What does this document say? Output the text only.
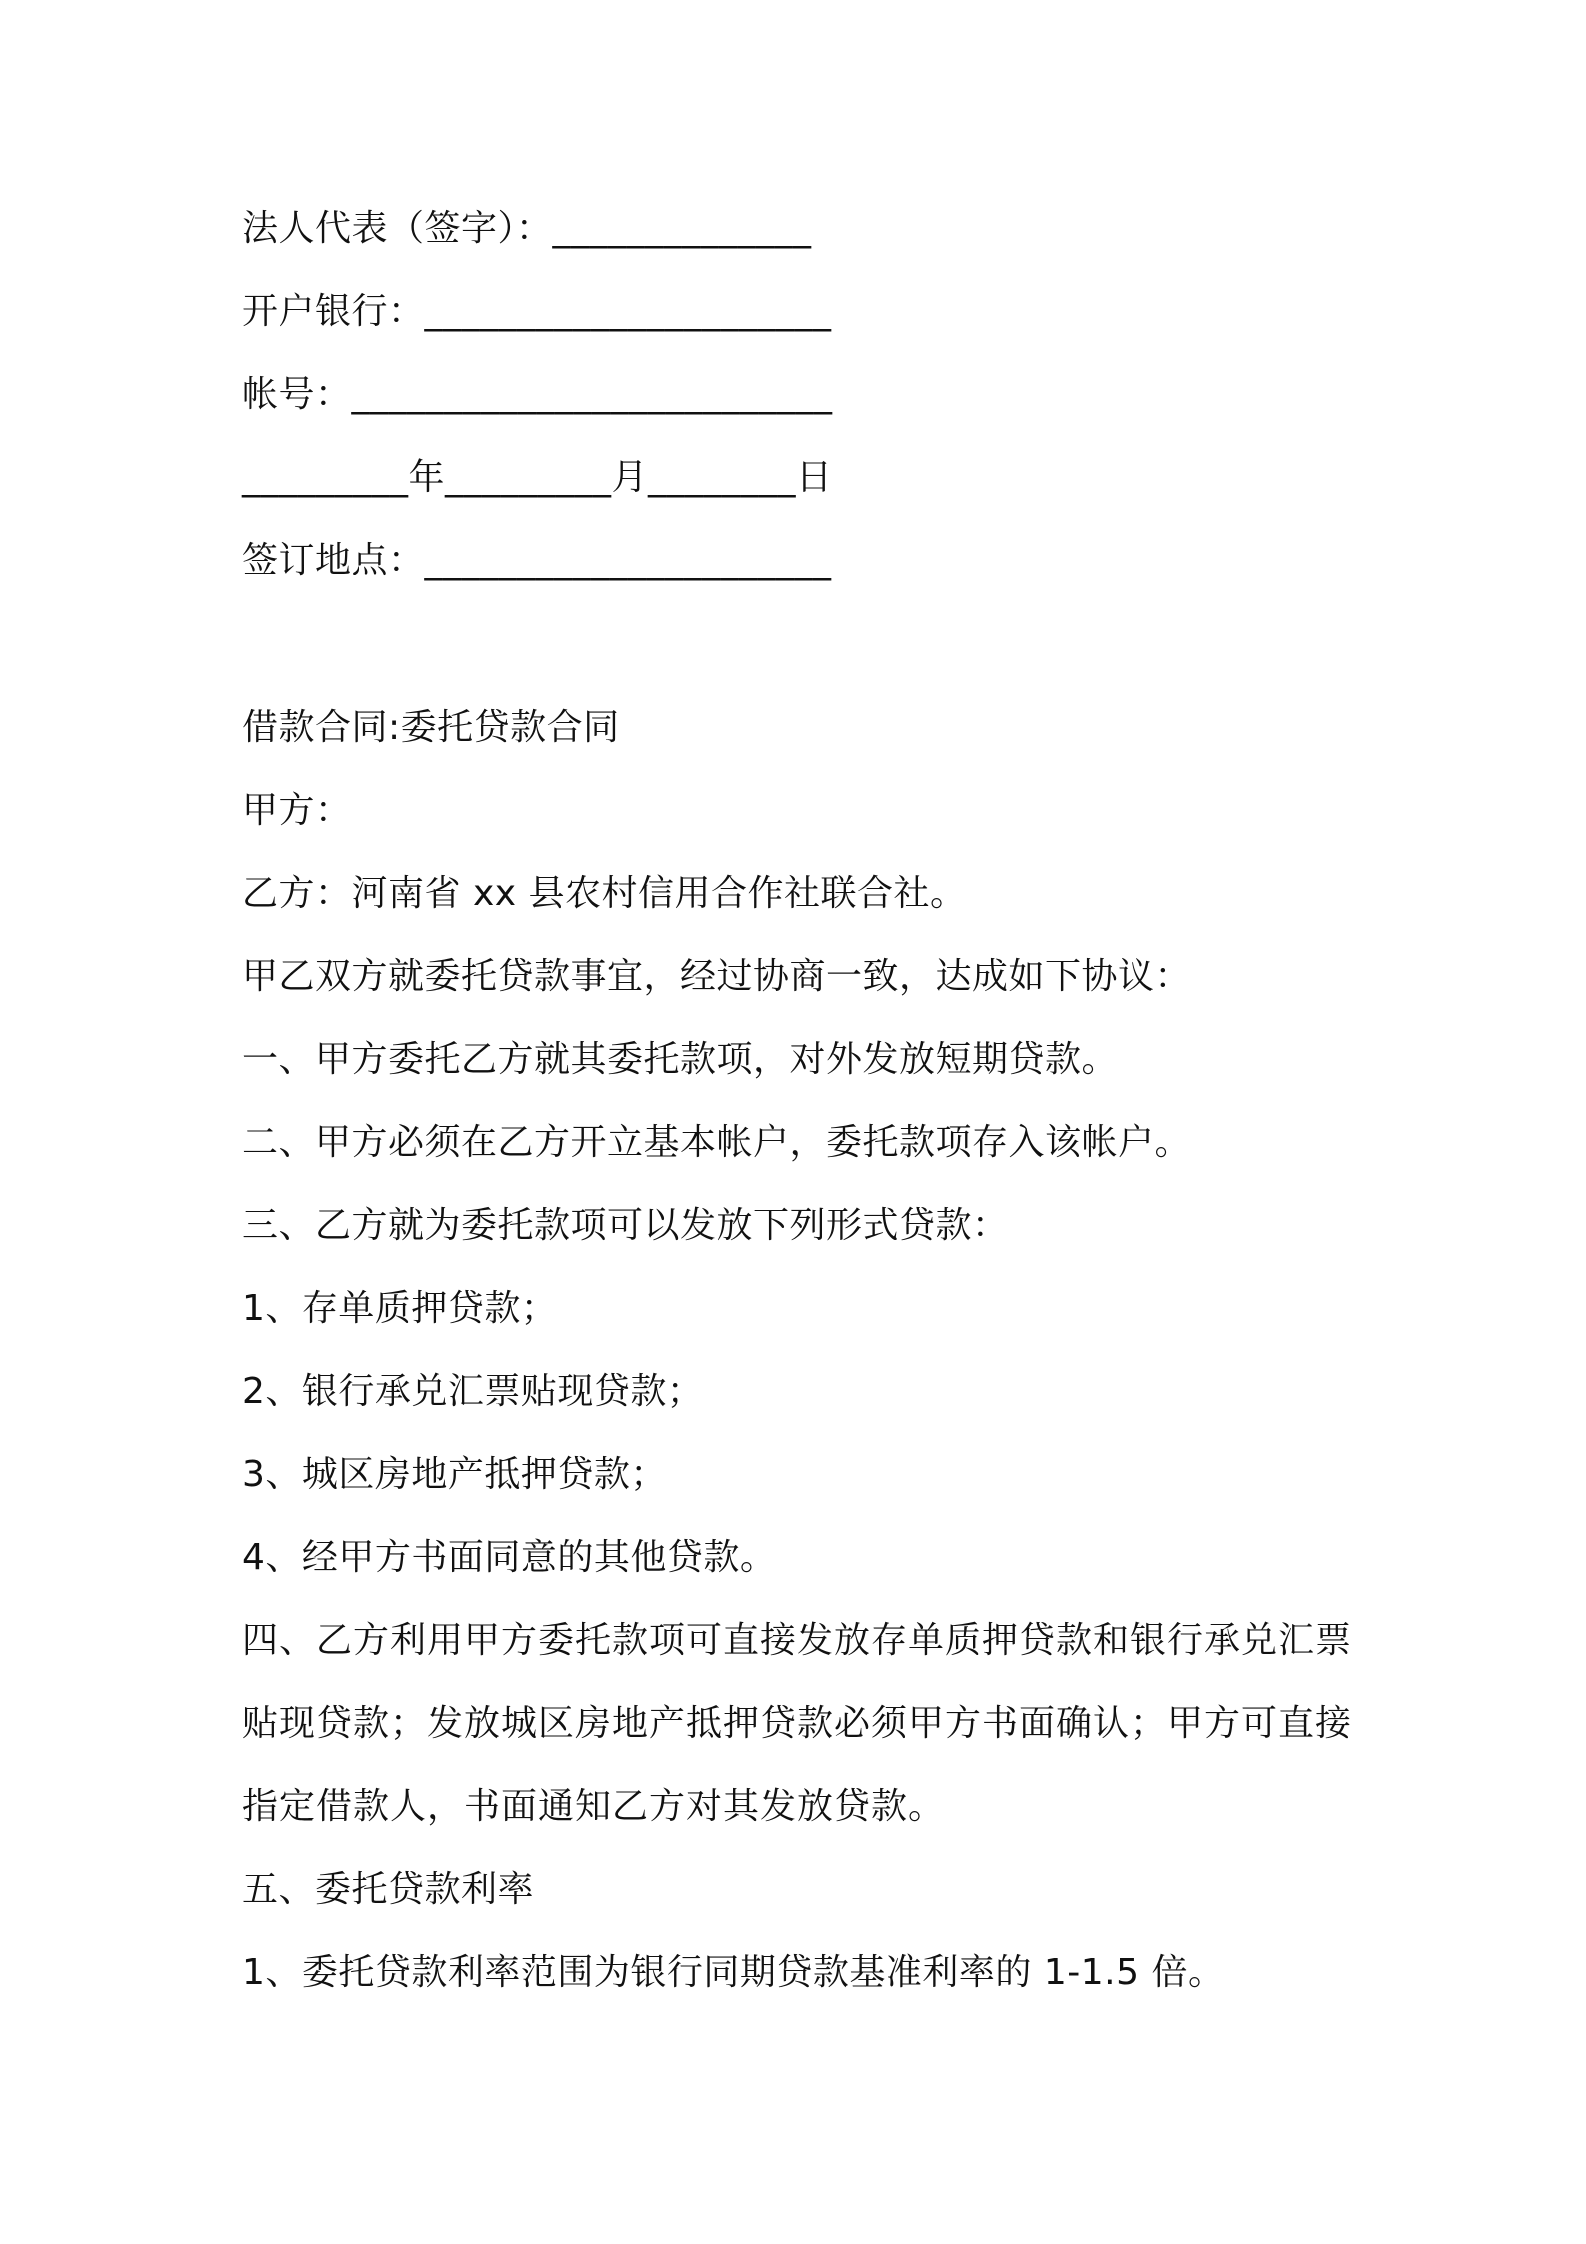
法人代表（签字）：______________
开户银行：______________________
帐号：__________________________
_________年_________月________日
签订地点：______________________
借款合同:委托贷款合同
甲方：
乙方：河南省 xx 县农村信用合作社联合社。
甲乙双方就委托贷款事宜，经过协商一致，达成如下协议：
一、甲方委托乙方就其委托款项，对外发放短期贷款。
二、甲方必须在乙方开立基本帐户，委托款项存入该帐户。
三、乙方就为委托款项可以发放下列形式贷款：
1、存单质押贷款；
2、银行承兑汇票贴现贷款；
3、城区房地产抵押贷款；
4、经甲方书面同意的其他贷款。
四、乙方利用甲方委托款项可直接发放存单质押贷款和银行承兑汇票贴现贷款；发放城区房地产抵押贷款必须甲方书面确认；甲方可直接指定借款人，书面通知乙方对其发放贷款。
五、委托贷款利率
1、委托贷款利率范围为银行同期贷款基准利率的 1-1.5 倍。
